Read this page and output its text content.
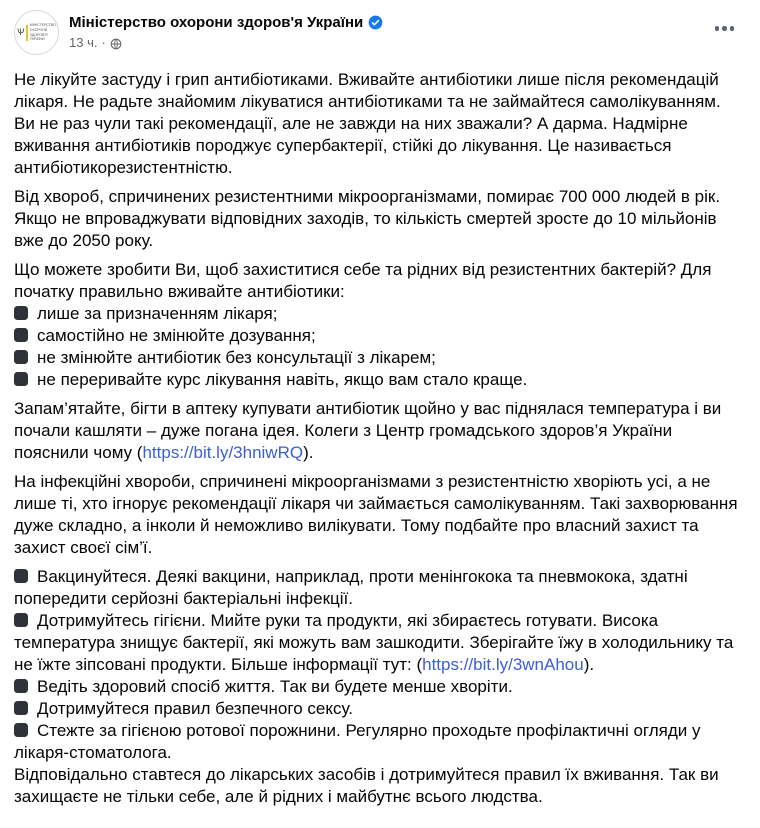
Ѱ
МІНІСТЕРСТВО
ОХОРОНИ
ЗДОРОВ'Я
УКРАЇНИ
Міністерство охорони здоров'я України
13 ч. ·

Не лікуйте застуду і грип антибіотиками. Вживайте антибіотики лише після рекомендацій лікаря. Не радьте знайомим лікуватися антибіотиками та не займайтеся самолікуванням. Ви не раз чули такі рекомендації, але не завжди на них зважали? А дарма. Надмірне вживання антибіотиків породжує супербактерії, стійкі до лікування. Це називається антибіотикорезистентністю.

Від хвороб, спричинених резистентними мікроорганізмами, помирає 700 000 людей в рік. Якщо не впроваджувати відповідних заходів, то кількість смертей зросте до 10 мільйонів вже до 2050 року.

Що можете зробити Ви, щоб захиститися себе та рідних від резистентних бактерій? Для початку правильно вживайте антибіотики:

лише за призначенням лікаря;
самостійно не змінюйте дозування;
не змінюйте антибіотик без консультації з лікарем;
не переривайте курс лікування навіть, якщо вам стало краще.

Запам’ятайте, бігти в аптеку купувати антибіотик щойно у вас піднялася температура і ви почали кашляти – дуже погана ідея. Колеги з Центр громадського здоров’я України пояснили чому (https://bit.ly/3hniwRQ).

На інфекційні хвороби, спричинені мікроорганізмами з резистентністю хворіють усі, а не лише ті, хто ігнорує рекомендації лікаря чи займається самолікуванням. Такі захворювання дуже складно, а інколи й неможливо вилікувати. Тому подбайте про власний захист та захист своєї сім’ї.

Вакцинуйтеся. Деякі вакцини, наприклад, проти менінгокока та пневмокока, здатні попередити серйозні бактеріальні інфекції.
Дотримуйтесь гігієни. Мийте руки та продукти, які збираєтесь готувати. Висока температура знищує бактерії, які можуть вам зашкодити. Зберігайте їжу в холодильнику та не їжте зіпсовані продукти. Більше інформації тут: (https://bit.ly/3wnAhou).
Ведіть здоровий спосіб життя. Так ви будете менше хворіти.
Дотримуйтеся правил безпечного сексу.
Стежте за гігієною ротової порожнини. Регулярно проходьте профілактичні огляди у лікаря-стоматолога.

Відповідально ставтеся до лікарських засобів і дотримуйтеся правил їх вживання. Так ви захищаєте не тільки себе, але й рідних і майбутнє всього людства.
